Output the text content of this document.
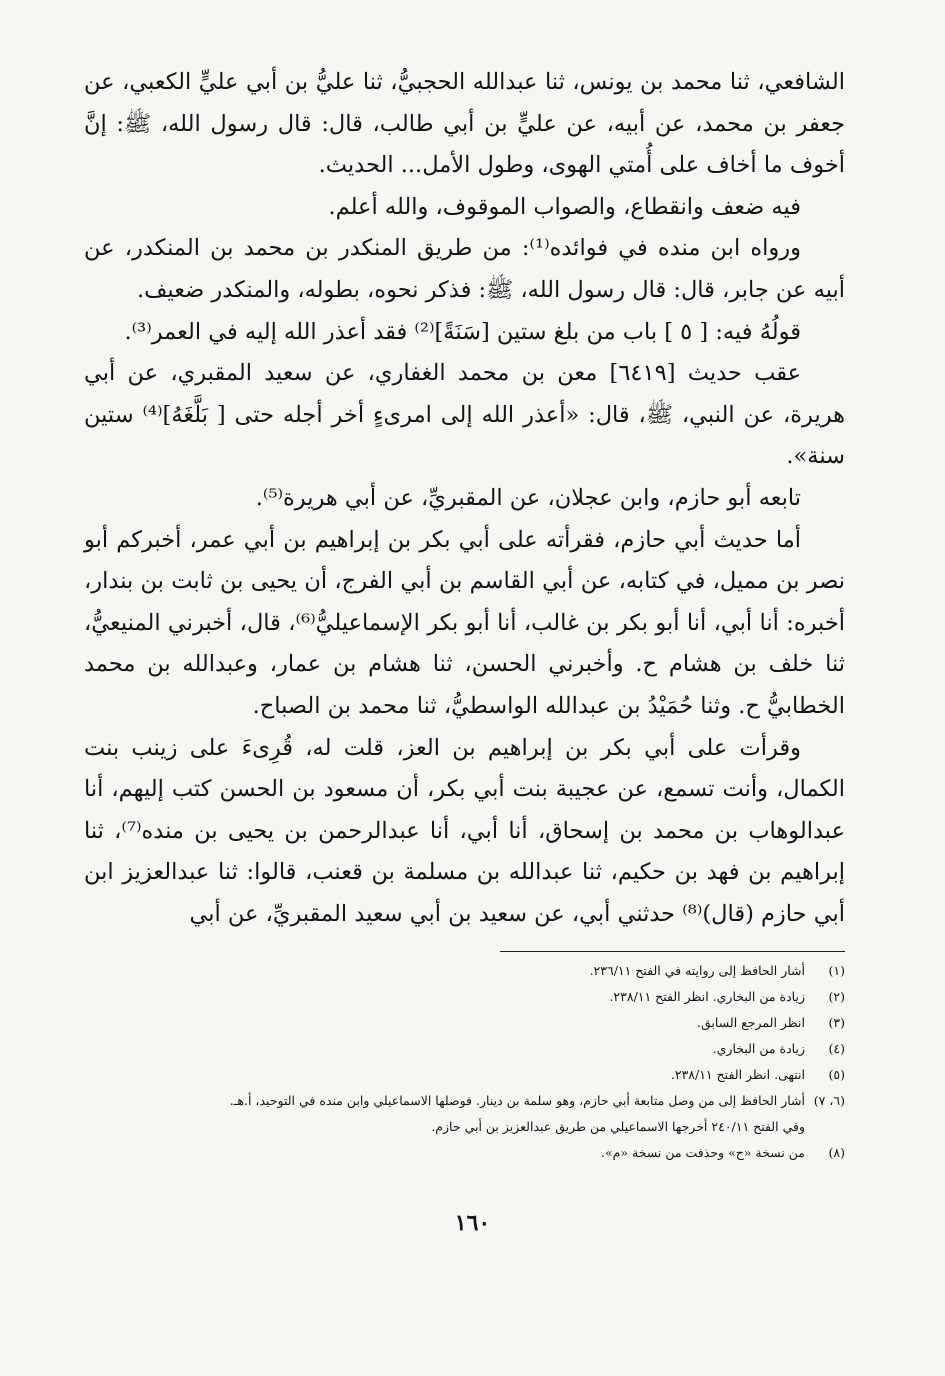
الشافعي، ثنا محمد بن يونس، ثنا عبدالله الحجبيُّ، ثنا عليُّ بن أبي عليٍّ الكعبي، عن جعفر بن محمد، عن أبيه، عن عليٍّ بن أبي طالب، قال: قال رسول الله، ﷺ: إنَّ أخوف ما أخاف على أُمتي الهوى، وطول الأمل... الحديث.

فيه ضعف وانقطاع، والصواب الموقوف، والله أعلم.

ورواه ابن منده في فوائده⁽¹⁾: من طريق المنكدر بن محمد بن المنكدر، عن أبيه عن جابر، قال: قال رسول الله، ﷺ: فذكر نحوه، بطوله، والمنكدر ضعيف.

قولُهُ فيه: [ ٥ ] باب من بلغ ستين [سَنَةً]⁽²⁾ فقد أعذر الله إليه في العمر⁽³⁾.

عقب حديث [٦٤١٩] معن بن محمد الغفاري، عن سعيد المقبري، عن أبي هريرة، عن النبي، ﷺ، قال: «أعذر الله إلى امرىءٍ أخر أجله حتى [ بَلَّغَهُ]⁽⁴⁾ ستين سنة».

تابعه أبو حازم، وابن عجلان، عن المقبريِّ، عن أبي هريرة⁽⁵⁾.

أما حديث أبي حازم، فقرأته على أبي بكر بن إبراهيم بن أبي عمر، أخبركم أبو نصر بن مميل، في كتابه، عن أبي القاسم بن أبي الفرج، أن يحيى بن ثابت بن بندار، أخبره: أنا أبي، أنا أبو بكر بن غالب، أنا أبو بكر الإسماعيليُّ⁽⁶⁾، قال، أخبرني المنيعيُّ، ثنا خلف بن هشام ح. وأخبرني الحسن، ثنا هشام بن عمار، وعبدالله بن محمد الخطابيُّ ح. وثنا حُمَيْدُ بن عبدالله الواسطيُّ، ثنا محمد بن الصباح.

وقرأت على أبي بكر بن إبراهيم بن العز، قلت له، قُرِىءَ على زينب بنت الكمال، وأنت تسمع، عن عجيبة بنت أبي بكر، أن مسعود بن الحسن كتب إليهم، أنا عبدالوهاب بن محمد بن إسحاق، أنا أبي، أنا عبدالرحمن بن يحيى بن منده⁽⁷⁾، ثنا إبراهيم بن فهد بن حكيم، ثنا عبدالله بن مسلمة بن قعنب، قالوا: ثنا عبدالعزيز ابن أبي حازم (قال)⁽⁸⁾ حدثني أبي، عن سعيد بن أبي سعيد المقبريِّ، عن أبي

(١)
أشار الحافظ إلى روايته في الفتح ٢٣٦/١١.
(٢)
زيادة من البخاري. انظر الفتح ٢٣٨/١١.
(٣)
انظر المرجع السابق.
(٤)
زيادة من البخاري.
(٥)
انتهى. انظر الفتح ٢٣٨/١١.
(٦، ٧)
أشار الحافظ إلى من وصل متابعة أبي حازم، وهو سلمة بن دينار. فوصلها الاسماعيلي وابن منده في التوحيد، أ.هـ.
وفي الفتح ٢٤٠/١١ أخرجها الاسماعيلي من طريق عبدالعزيز بن أبي حازم.
(٨)
من نسخة «ح» وحذفت من نسخة «م».
١٦٠
